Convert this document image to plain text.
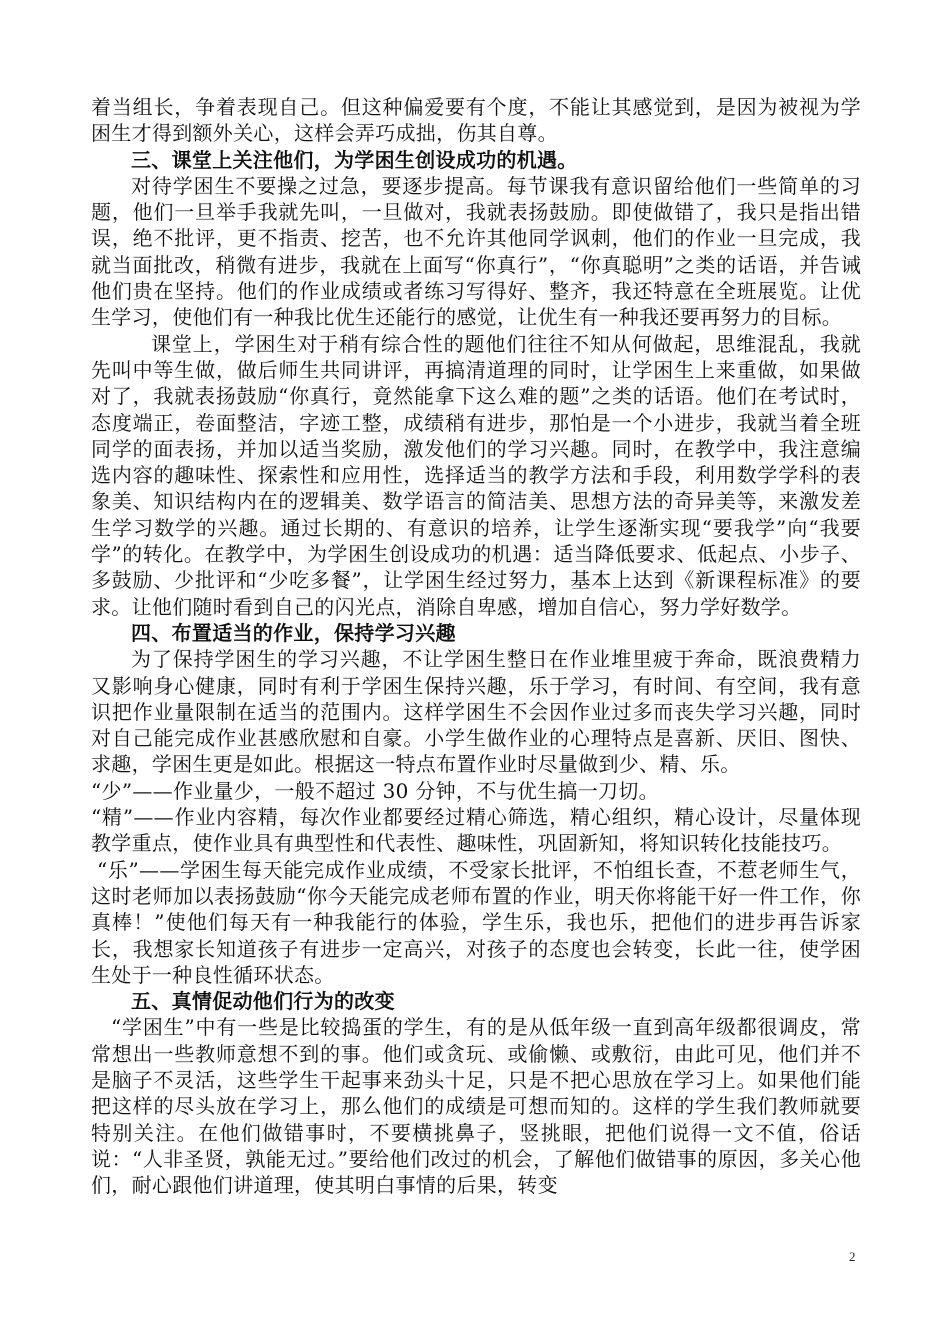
着当组长，争着表现自己。但这种偏爱要有个度，不能让其感觉到，是因为被视为学困生才得到额外关心，这样会弄巧成拙，伤其自尊。

三、课堂上关注他们，为学困生创设成功的机遇。

对待学困生不要操之过急，要逐步提高。每节课我有意识留给他们一些简单的习题，他们一旦举手我就先叫，一旦做对，我就表扬鼓励。即使做错了，我只是指出错误，绝不批评，更不指责、挖苦，也不允许其他同学讽刺，他们的作业一旦完成，我就当面批改，稍微有进步，我就在上面写“你真行”，“你真聪明”之类的话语，并告诫他们贵在坚持。他们的作业成绩或者练习写得好、整齐，我还特意在全班展览。让优生学习，使他们有一种我比优生还能行的感觉，让优生有一种我还要再努力的目标。

课堂上，学困生对于稍有综合性的题他们往往不知从何做起，思维混乱，我就先叫中等生做，做后师生共同讲评，再搞清道理的同时，让学困生上来重做，如果做对了，我就表扬鼓励“你真行，竟然能拿下这么难的题”之类的话语。他们在考试时，态度端正，卷面整洁，字迹工整，成绩稍有进步，那怕是一个小进步，我就当着全班同学的面表扬，并加以适当奖励，激发他们的学习兴趣。同时，在教学中，我注意编选内容的趣味性、探索性和应用性，选择适当的教学方法和手段，利用数学学科的表象美、知识结构内在的逻辑美、数学语言的简洁美、思想方法的奇异美等，来激发差生学习数学的兴趣。通过长期的、有意识的培养，让学生逐渐实现“要我学”向“我要学”的转化。在教学中，为学困生创设成功的机遇：适当降低要求、低起点、小步子、多鼓励、少批评和“少吃多餐”，让学困生经过努力，基本上达到《新课程标准》的要求。让他们随时看到自己的闪光点，消除自卑感，增加自信心，努力学好数学。

四、布置适当的作业，保持学习兴趣

为了保持学困生的学习兴趣，不让学困生整日在作业堆里疲于奔命，既浪费精力又影响身心健康，同时有利于学困生保持兴趣，乐于学习，有时间、有空间，我有意识把作业量限制在适当的范围内。这样学困生不会因作业过多而丧失学习兴趣，同时对自己能完成作业甚感欣慰和自豪。小学生做作业的心理特点是喜新、厌旧、图快、求趣，学困生更是如此。根据这一特点布置作业时尽量做到少、精、乐。

“少”——作业量少，一般不超过 30 分钟，不与优生搞一刀切。

“精”——作业内容精，每次作业都要经过精心筛选，精心组织，精心设计，尽量体现教学重点，使作业具有典型性和代表性、趣味性，巩固新知，将知识转化技能技巧。

“乐”——学困生每天能完成作业成绩，不受家长批评，不怕组长查，不惹老师生气，这时老师加以表扬鼓励“你今天能完成老师布置的作业，明天你将能干好一件工作，你真棒！”使他们每天有一种我能行的体验，学生乐，我也乐，把他们的进步再告诉家长，我想家长知道孩子有进步一定高兴，对孩子的态度也会转变，长此一往，使学困生处于一种良性循环状态。

五、真情促动他们行为的改变

“学困生”中有一些是比较捣蛋的学生，有的是从低年级一直到高年级都很调皮，常常想出一些教师意想不到的事。他们或贪玩、或偷懒、或敷衍，由此可见，他们并不是脑子不灵活，这些学生干起事来劲头十足，只是不把心思放在学习上。如果他们能把这样的尽头放在学习上，那么他们的成绩是可想而知的。这样的学生我们教师就要特别关注。在他们做错事时，不要横挑鼻子，竖挑眼，把他们说得一文不值，俗话说：“人非圣贤，孰能无过。”要给他们改过的机会，了解他们做错事的原因，多关心他们，耐心跟他们讲道理，使其明白事情的后果，转变

2
